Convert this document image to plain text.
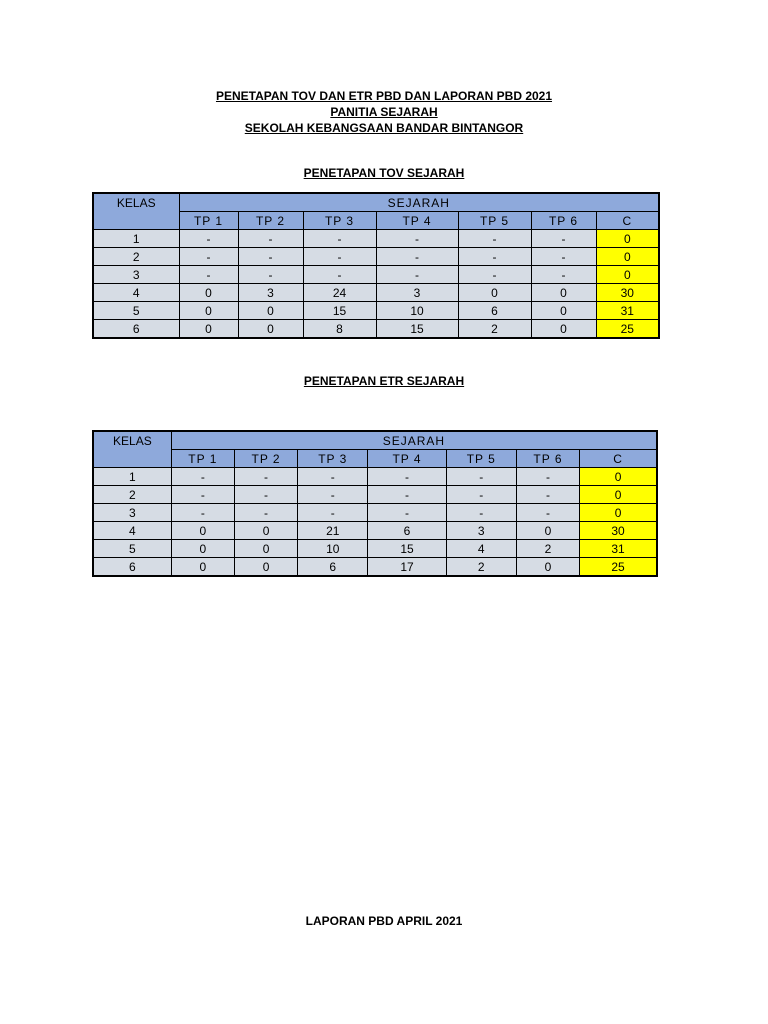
PENETAPAN TOV DAN ETR PBD DAN LAPORAN PBD 2021
PANITIA SEJARAH
SEKOLAH KEBANGSAAN BANDAR BINTANGOR
PENETAPAN TOV SEJARAH
KELAS	SEJARAH						
	TP 1	TP 2	TP 3	TP 4	TP 5	TP 6	C
1	-	-	-	-	-	-	0
2	-	-	-	-	-	-	0
3	-	-	-	-	-	-	0
4	0	3	24	3	0	0	30
5	0	0	15	10	6	0	31
6	0	0	8	15	2	0	25
PENETAPAN ETR SEJARAH
KELAS	SEJARAH						
	TP 1	TP 2	TP 3	TP 4	TP 5	TP 6	C
1	-	-	-	-	-	-	0
2	-	-	-	-	-	-	0
3	-	-	-	-	-	-	0
4	0	0	21	6	3	0	30
5	0	0	10	15	4	2	31
6	0	0	6	17	2	0	25
LAPORAN PBD APRIL 2021
